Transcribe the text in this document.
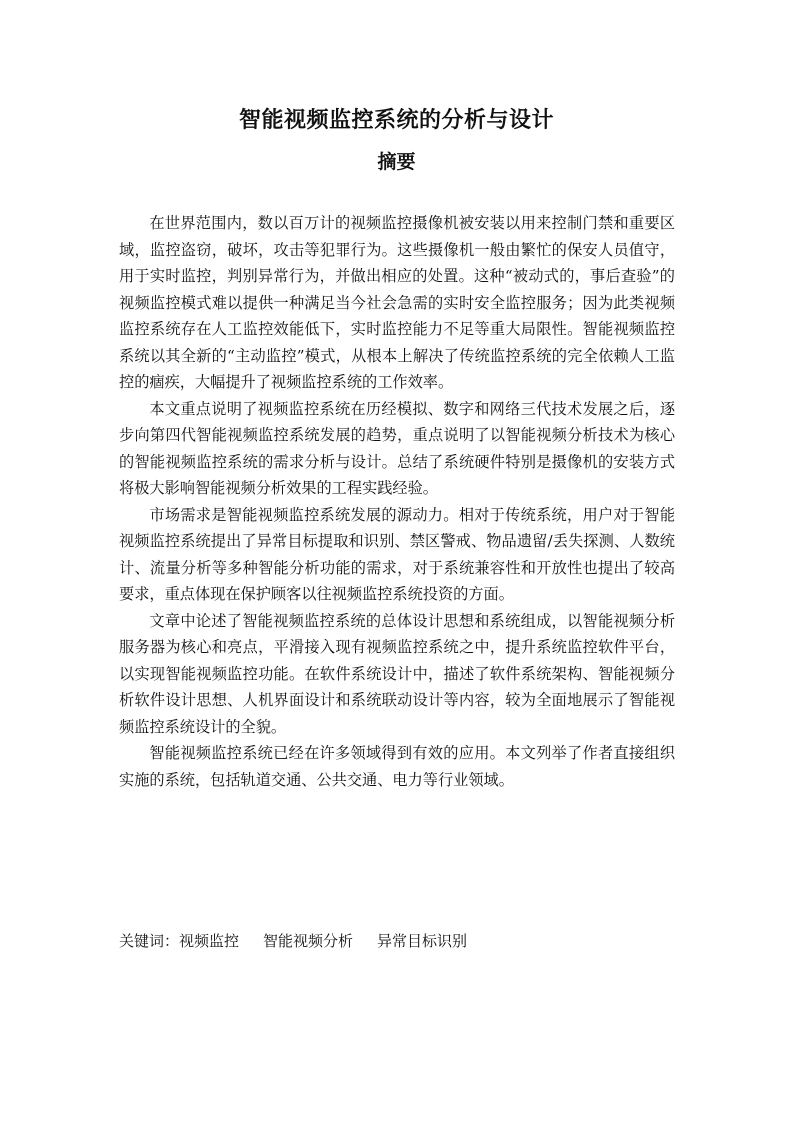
智能视频监控系统的分析与设计
摘要

在世界范围内，数以百万计的视频监控摄像机被安装以用来控制门禁和重要区域，监控盗窃，破坏，攻击等犯罪行为。这些摄像机一般由繁忙的保安人员值守，用于实时监控，判别异常行为，并做出相应的处置。这种“被动式的，事后查验”的视频监控模式难以提供一种满足当今社会急需的实时安全监控服务；因为此类视频监控系统存在人工监控效能低下，实时监控能力不足等重大局限性。智能视频监控系统以其全新的“主动监控”模式，从根本上解决了传统监控系统的完全依赖人工监控的痼疾，大幅提升了视频监控系统的工作效率。

本文重点说明了视频监控系统在历经模拟、数字和网络三代技术发展之后，逐步向第四代智能视频监控系统发展的趋势，重点说明了以智能视频分析技术为核心的智能视频监控系统的需求分析与设计。总结了系统硬件特别是摄像机的安装方式将极大影响智能视频分析效果的工程实践经验。

市场需求是智能视频监控系统发展的源动力。相对于传统系统，用户对于智能视频监控系统提出了异常目标提取和识别、禁区警戒、物品遗留/丢失探测、人数统计、流量分析等多种智能分析功能的需求，对于系统兼容性和开放性也提出了较高要求，重点体现在保护顾客以往视频监控系统投资的方面。

文章中论述了智能视频监控系统的总体设计思想和系统组成，以智能视频分析服务器为核心和亮点，平滑接入现有视频监控系统之中，提升系统监控软件平台，以实现智能视频监控功能。在软件系统设计中，描述了软件系统架构、智能视频分析软件设计思想、人机界面设计和系统联动设计等内容，较为全面地展示了智能视频监控系统设计的全貌。

智能视频监控系统已经在许多领域得到有效的应用。本文列举了作者直接组织实施的系统，包括轨道交通、公共交通、电力等行业领域。

关键词：视频监控 智能视频分析 异常目标识别
